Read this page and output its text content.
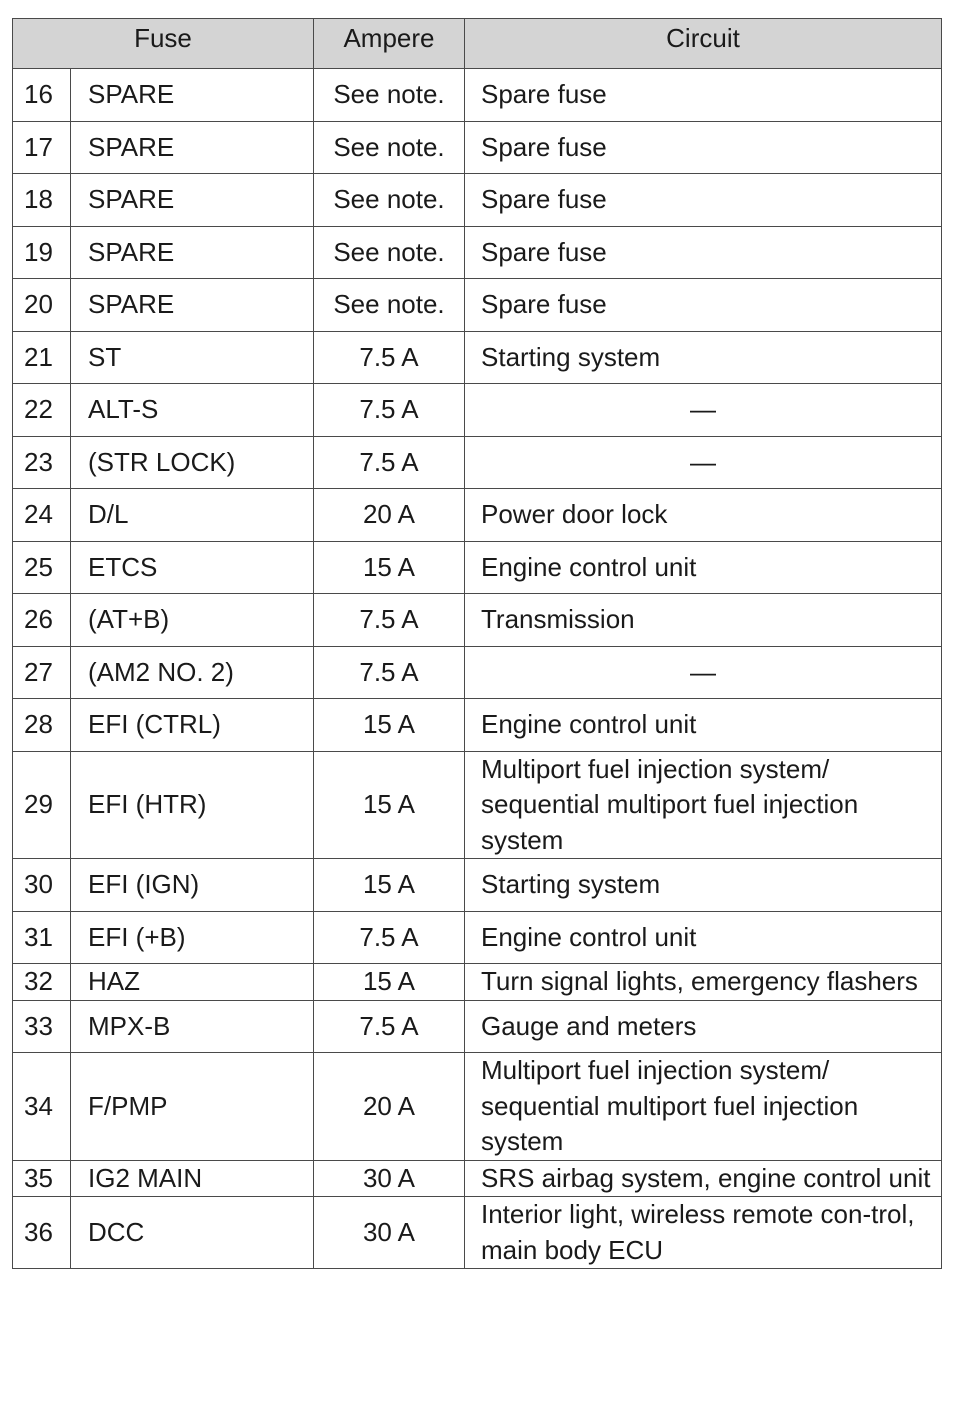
Fuse		Ampere	Circuit
16	SPARE	See note.	Spare fuse
17	SPARE	See note.	Spare fuse
18	SPARE	See note.	Spare fuse
19	SPARE	See note.	Spare fuse
20	SPARE	See note.	Spare fuse
21	ST	7.5 A	Starting system
22	ALT-S	7.5 A	—
23	(STR LOCK)	7.5 A	—
24	D/L	20 A	Power door lock
25	ETCS	15 A	Engine control unit
26	(AT+B)	7.5 A	Transmission
27	(AM2 NO. 2)	7.5 A	—
28	EFI (CTRL)	15 A	Engine control unit
29	EFI (HTR)	15 A	Multiport fuel injection system/ sequential multiport fuel injection system
30	EFI (IGN)	15 A	Starting system
31	EFI (+B)	7.5 A	Engine control unit
32	HAZ	15 A	Turn signal lights, emergency flashers
33	MPX-B	7.5 A	Gauge and meters
34	F/PMP	20 A	Multiport fuel injection system/ sequential multiport fuel injection system
35	IG2 MAIN	30 A	SRS airbag system, engine control unit
36	DCC	30 A	Interior light, wireless remote con-trol, main body ECU
